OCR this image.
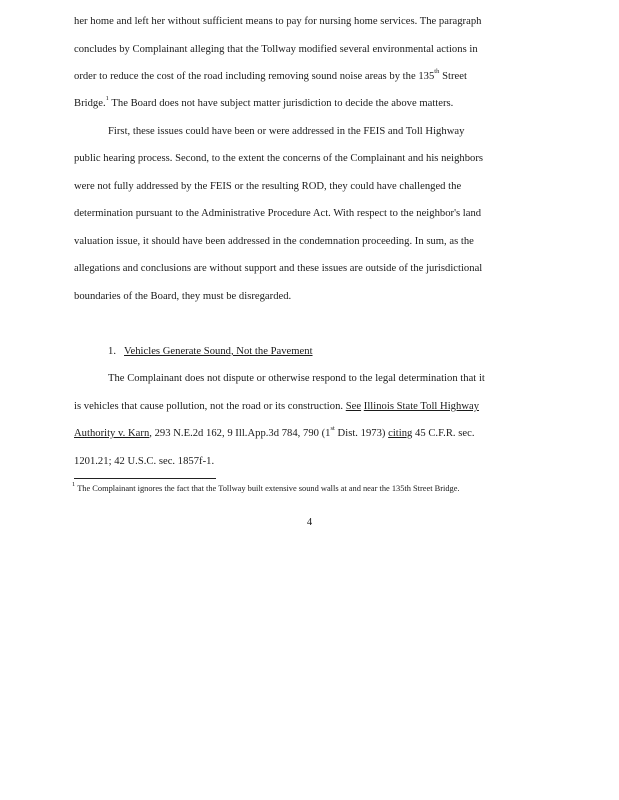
her home and left her without sufficient means to pay for nursing home services. The paragraph
concludes by Complainant alleging that the Tollway modified several environmental actions in
order to reduce the cost of the road including removing sound noise areas by the 135th Street
Bridge.$^1$ The Board does not have subject matter jurisdiction to decide the above matters.
First, these issues could have been or were addressed in the FEIS and Toll Highway
public hearing process. Second, to the extent the concerns of the Complainant and his neighbors
were not fully addressed by the FEIS or the resulting ROD, they could have challenged the
determination pursuant to the Administrative Procedure Act. With respect to the neighbor's land
valuation issue, it should have been addressed in the condemnation proceeding. In sum, as the
allegations and conclusions are without support and these issues are outside of the jurisdictional
boundaries of the Board, they must be disregarded.
1. Vehicles Generate Sound, Not the Pavement
The Complainant does not dispute or otherwise respond to the legal determination that it
is vehicles that cause pollution, not the road or its construction. See Illinois State Toll Highway
Authority v. Karn, 293 N.E.2d 162, 9 Ill.App.3d 784, 790 (1st Dist. 1973) citing 45 C.F.R. sec.
1201.21; 42 U.S.C. sec. 1857f-1.
$^1$ The Complainant ignores the fact that the Tollway built extensive sound walls at and near the 135th Street Bridge.
4
